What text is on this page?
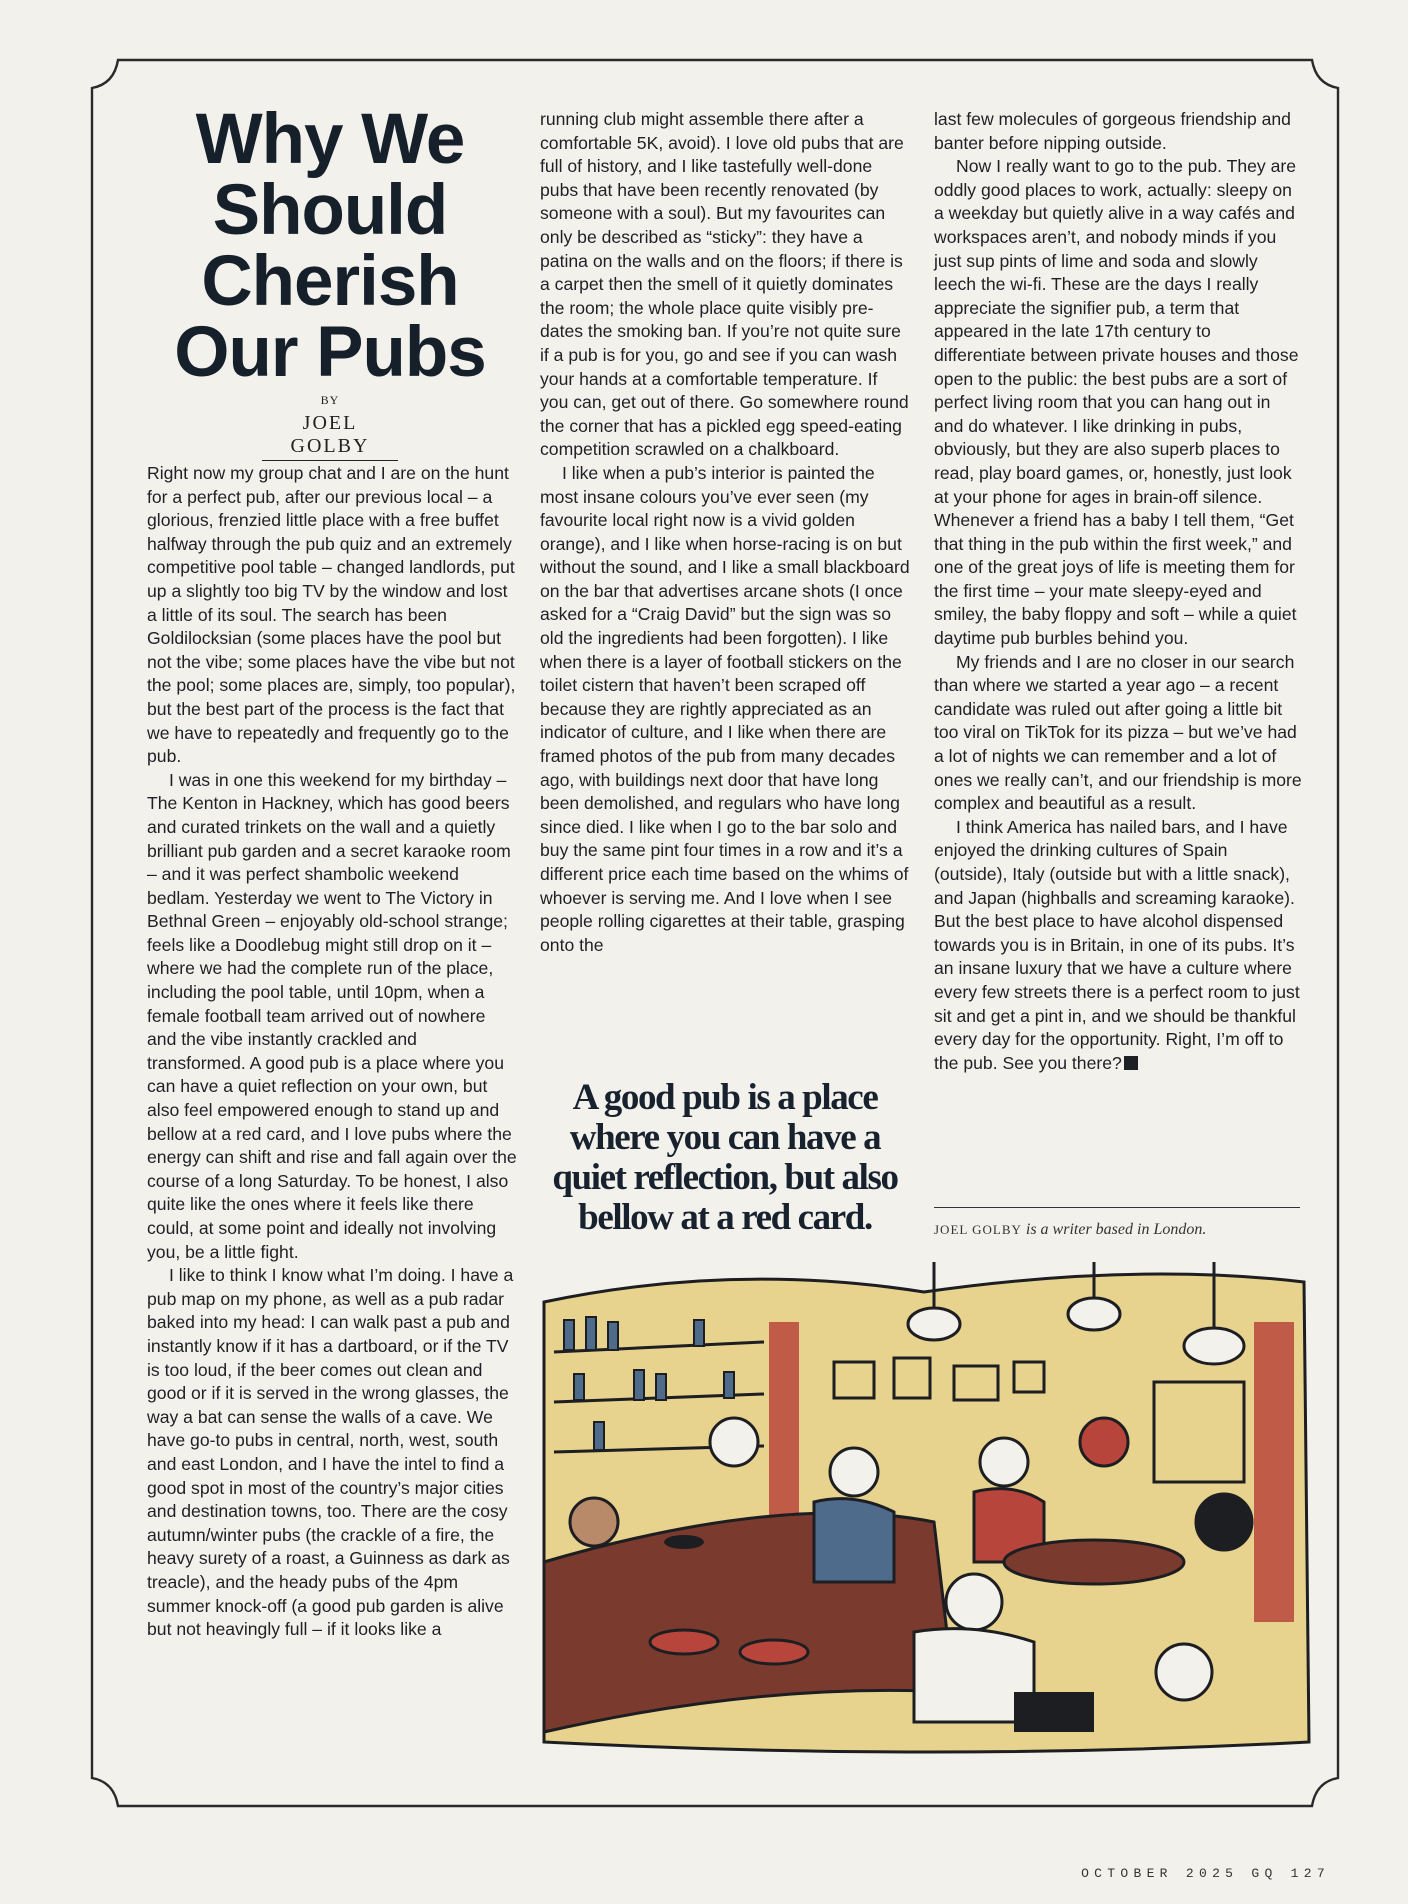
Why We
Should
Cherish
Our Pubs
BY
JOEL GOLBY

Right now my group chat and I are on the hunt for a perfect pub, after our previous local – a glorious, frenzied little place with a free buffet halfway through the pub quiz and an extremely competitive pool table – changed landlords, put up a slightly too big TV by the window and lost a little of its soul. The search has been Goldilocksian (some places have the pool but not the vibe; some places have the vibe but not the pool; some places are, simply, too popular), but the best part of the process is the fact that we have to repeatedly and frequently go to the pub.

I was in one this weekend for my birthday – The Kenton in Hackney, which has good beers and curated trinkets on the wall and a quietly brilliant pub garden and a secret karaoke room – and it was perfect shambolic weekend bedlam. Yesterday we went to The Victory in Bethnal Green – enjoyably old-school strange; feels like a Doodlebug might still drop on it – where we had the complete run of the place, including the pool table, until 10pm, when a female football team arrived out of nowhere and the vibe instantly crackled and transformed. A good pub is a place where you can have a quiet reflection on your own, but also feel empowered enough to stand up and bellow at a red card, and I love pubs where the energy can shift and rise and fall again over the course of a long Saturday. To be honest, I also quite like the ones where it feels like there could, at some point and ideally not involving you, be a little fight.

I like to think I know what I’m doing. I have a pub map on my phone, as well as a pub radar baked into my head: I can walk past a pub and instantly know if it has a dartboard, or if the TV is too loud, if the beer comes out clean and good or if it is served in the wrong glasses, the way a bat can sense the walls of a cave. We have go-to pubs in central, north, west, south and east London, and I have the intel to find a good spot in most of the country’s major cities and destination towns, too. There are the cosy autumn/winter pubs (the crackle of a fire, the heavy surety of a roast, a Guinness as dark as treacle), and the heady pubs of the 4pm summer knock-off (a good pub garden is alive but not heavingly full – if it looks like a

running club might assemble there after a comfortable 5K, avoid). I love old pubs that are full of history, and I like tastefully well-done pubs that have been recently renovated (by someone with a soul). But my favourites can only be described as “sticky”: they have a patina on the walls and on the floors; if there is a carpet then the smell of it quietly dominates the room; the whole place quite visibly pre-dates the smoking ban. If you’re not quite sure if a pub is for you, go and see if you can wash your hands at a comfortable temperature. If you can, get out of there. Go somewhere round the corner that has a pickled egg speed-eating competition scrawled on a chalkboard.

I like when a pub’s interior is painted the most insane colours you’ve ever seen (my favourite local right now is a vivid golden orange), and I like when horse-racing is on but without the sound, and I like a small blackboard on the bar that advertises arcane shots (I once asked for a “Craig David” but the sign was so old the ingredients had been forgotten). I like when there is a layer of football stickers on the toilet cistern that haven’t been scraped off because they are rightly appreciated as an indicator of culture, and I like when there are framed photos of the pub from many decades ago, with buildings next door that have long been demolished, and regulars who have long since died. I like when I go to the bar solo and buy the same pint four times in a row and it’s a different price each time based on the whims of whoever is serving me. And I love when I see people rolling cigarettes at their table, grasping onto the

A good pub is a place where you can have a quiet reflection, but also bellow at a red card.

last few molecules of gorgeous friendship and banter before nipping outside.

Now I really want to go to the pub. They are oddly good places to work, actually: sleepy on a weekday but quietly alive in a way cafés and workspaces aren’t, and nobody minds if you just sup pints of lime and soda and slowly leech the wi-fi. These are the days I really appreciate the signifier pub, a term that appeared in the late 17th century to differentiate between private houses and those open to the public: the best pubs are a sort of perfect living room that you can hang out in and do whatever. I like drinking in pubs, obviously, but they are also superb places to read, play board games, or, honestly, just look at your phone for ages in brain-off silence. Whenever a friend has a baby I tell them, “Get that thing in the pub within the first week,” and one of the great joys of life is meeting them for the first time – your mate sleepy-eyed and smiley, the baby floppy and soft – while a quiet daytime pub burbles behind you.

My friends and I are no closer in our search than where we started a year ago – a recent candidate was ruled out after going a little bit too viral on TikTok for its pizza – but we’ve had a lot of nights we can remember and a lot of ones we really can’t, and our friendship is more complex and beautiful as a result.

I think America has nailed bars, and I have enjoyed the drinking cultures of Spain (outside), Italy (outside but with a little snack), and Japan (highballs and screaming karaoke). But the best place to have alcohol dispensed towards you is in Britain, in one of its pubs. It’s an insane luxury that we have a culture where every few streets there is a perfect room to just sit and get a pint in, and we should be thankful every day for the opportunity. Right, I’m off to the pub. See you there?

JOEL GOLBY is a writer based in London.
OCTOBER 2025 GQ 127
